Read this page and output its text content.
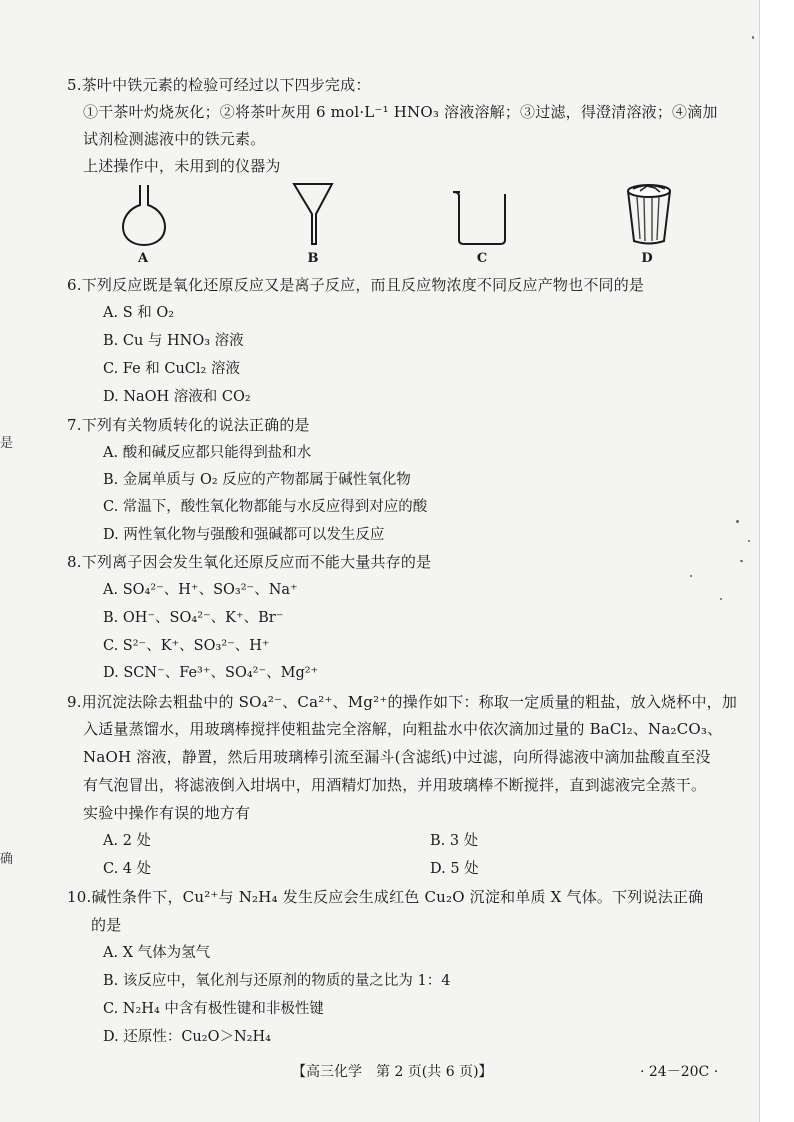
是
确
5.茶叶中铁元素的检验可经过以下四步完成：
①干茶叶灼烧灰化；②将茶叶灰用 6 mol·L⁻¹ HNO₃ 溶液溶解；③过滤，得澄清溶液；④滴加
试剂检测滤液中的铁元素。
上述操作中，未用到的仪器为
A	B	C	D
6.下列反应既是氧化还原反应又是离子反应，而且反应物浓度不同反应产物也不同的是
A. S 和 O₂
B. Cu 与 HNO₃ 溶液
C. Fe 和 CuCl₂ 溶液
D. NaOH 溶液和 CO₂
7.下列有关物质转化的说法正确的是
A. 酸和碱反应都只能得到盐和水
B. 金属单质与 O₂ 反应的产物都属于碱性氧化物
C. 常温下，酸性氧化物都能与水反应得到对应的酸
D. 两性氧化物与强酸和强碱都可以发生反应
8.下列离子因会发生氧化还原反应而不能大量共存的是
A. SO₄²⁻、H⁺、SO₃²⁻、Na⁺
B. OH⁻、SO₄²⁻、K⁺、Br⁻
C. S²⁻、K⁺、SO₃²⁻、H⁺
D. SCN⁻、Fe³⁺、SO₄²⁻、Mg²⁺
9.用沉淀法除去粗盐中的 SO₄²⁻、Ca²⁺、Mg²⁺的操作如下：称取一定质量的粗盐，放入烧杯中，加
入适量蒸馏水，用玻璃棒搅拌使粗盐完全溶解，向粗盐水中依次滴加过量的 BaCl₂、Na₂CO₃、
NaOH 溶液，静置，然后用玻璃棒引流至漏斗(含滤纸)中过滤，向所得滤液中滴加盐酸直至没
有气泡冒出，将滤液倒入坩埚中，用酒精灯加热，并用玻璃棒不断搅拌，直到滤液完全蒸干。
实验中操作有误的地方有
A. 2 处	B. 3 处
C. 4 处	D. 5 处
10.碱性条件下，Cu²⁺与 N₂H₄ 发生反应会生成红色 Cu₂O 沉淀和单质 X 气体。下列说法正确
的是
A. X 气体为氢气
B. 该反应中，氧化剂与还原剂的物质的量之比为 1：4
C. N₂H₄ 中含有极性键和非极性键
D. 还原性：Cu₂O＞N₂H₄
【高三化学　第 2 页(共 6 页)】	· 24－20C ·
